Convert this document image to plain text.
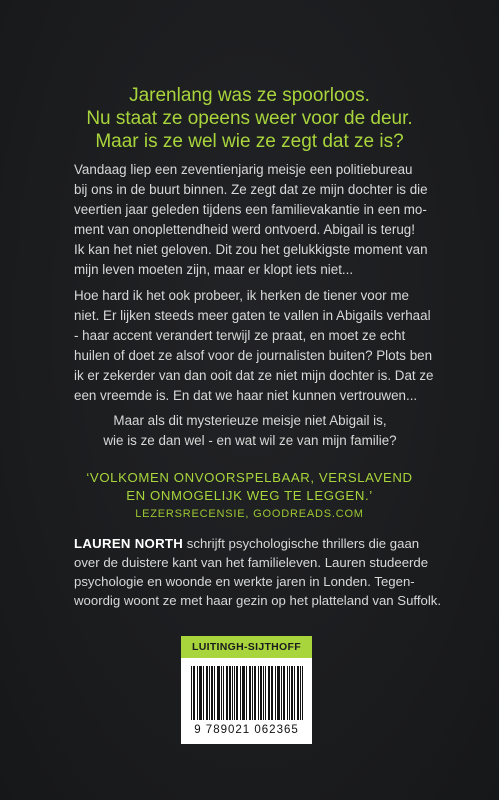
Jarenlang was ze spoorloos.
Nu staat ze opeens weer voor de deur.
Maar is ze wel wie ze zegt dat ze is?
Vandaag liep een zeventienjarig meisje een politiebureau
bij ons in de buurt binnen. Ze zegt dat ze mijn dochter is die
veertien jaar geleden tijdens een familievakantie in een mo-
ment van onoplettendheid werd ontvoerd. Abigail is terug!
Ik kan het niet geloven. Dit zou het gelukkigste moment van
mijn leven moeten zijn, maar er klopt iets niet...
Hoe hard ik het ook probeer, ik herken de tiener voor me
niet. Er lijken steeds meer gaten te vallen in Abigails verhaal
- haar accent verandert terwijl ze praat, en moet ze echt
huilen of doet ze alsof voor de journalisten buiten? Plots ben
ik er zekerder van dan ooit dat ze niet mijn dochter is. Dat ze
een vreemde is. En dat we haar niet kunnen vertrouwen...
Maar als dit mysterieuze meisje niet Abigail is,
wie is ze dan wel - en wat wil ze van mijn familie?
‘VOLKOMEN ONVOORSPELBAAR, VERSLAVEND
EN ONMOGELIJK WEG TE LEGGEN.’
LEZERSRECENSIE, GOODREADS.COM
LAUREN NORTH schrijft psychologische thrillers die gaan
over de duistere kant van het familieleven. Lauren studeerde
psychologie en woonde en werkte jaren in Londen. Tegen-
woordig woont ze met haar gezin op het platteland van Suffolk.
LUITINGH-SIJTHOFF
9 789021 062365
